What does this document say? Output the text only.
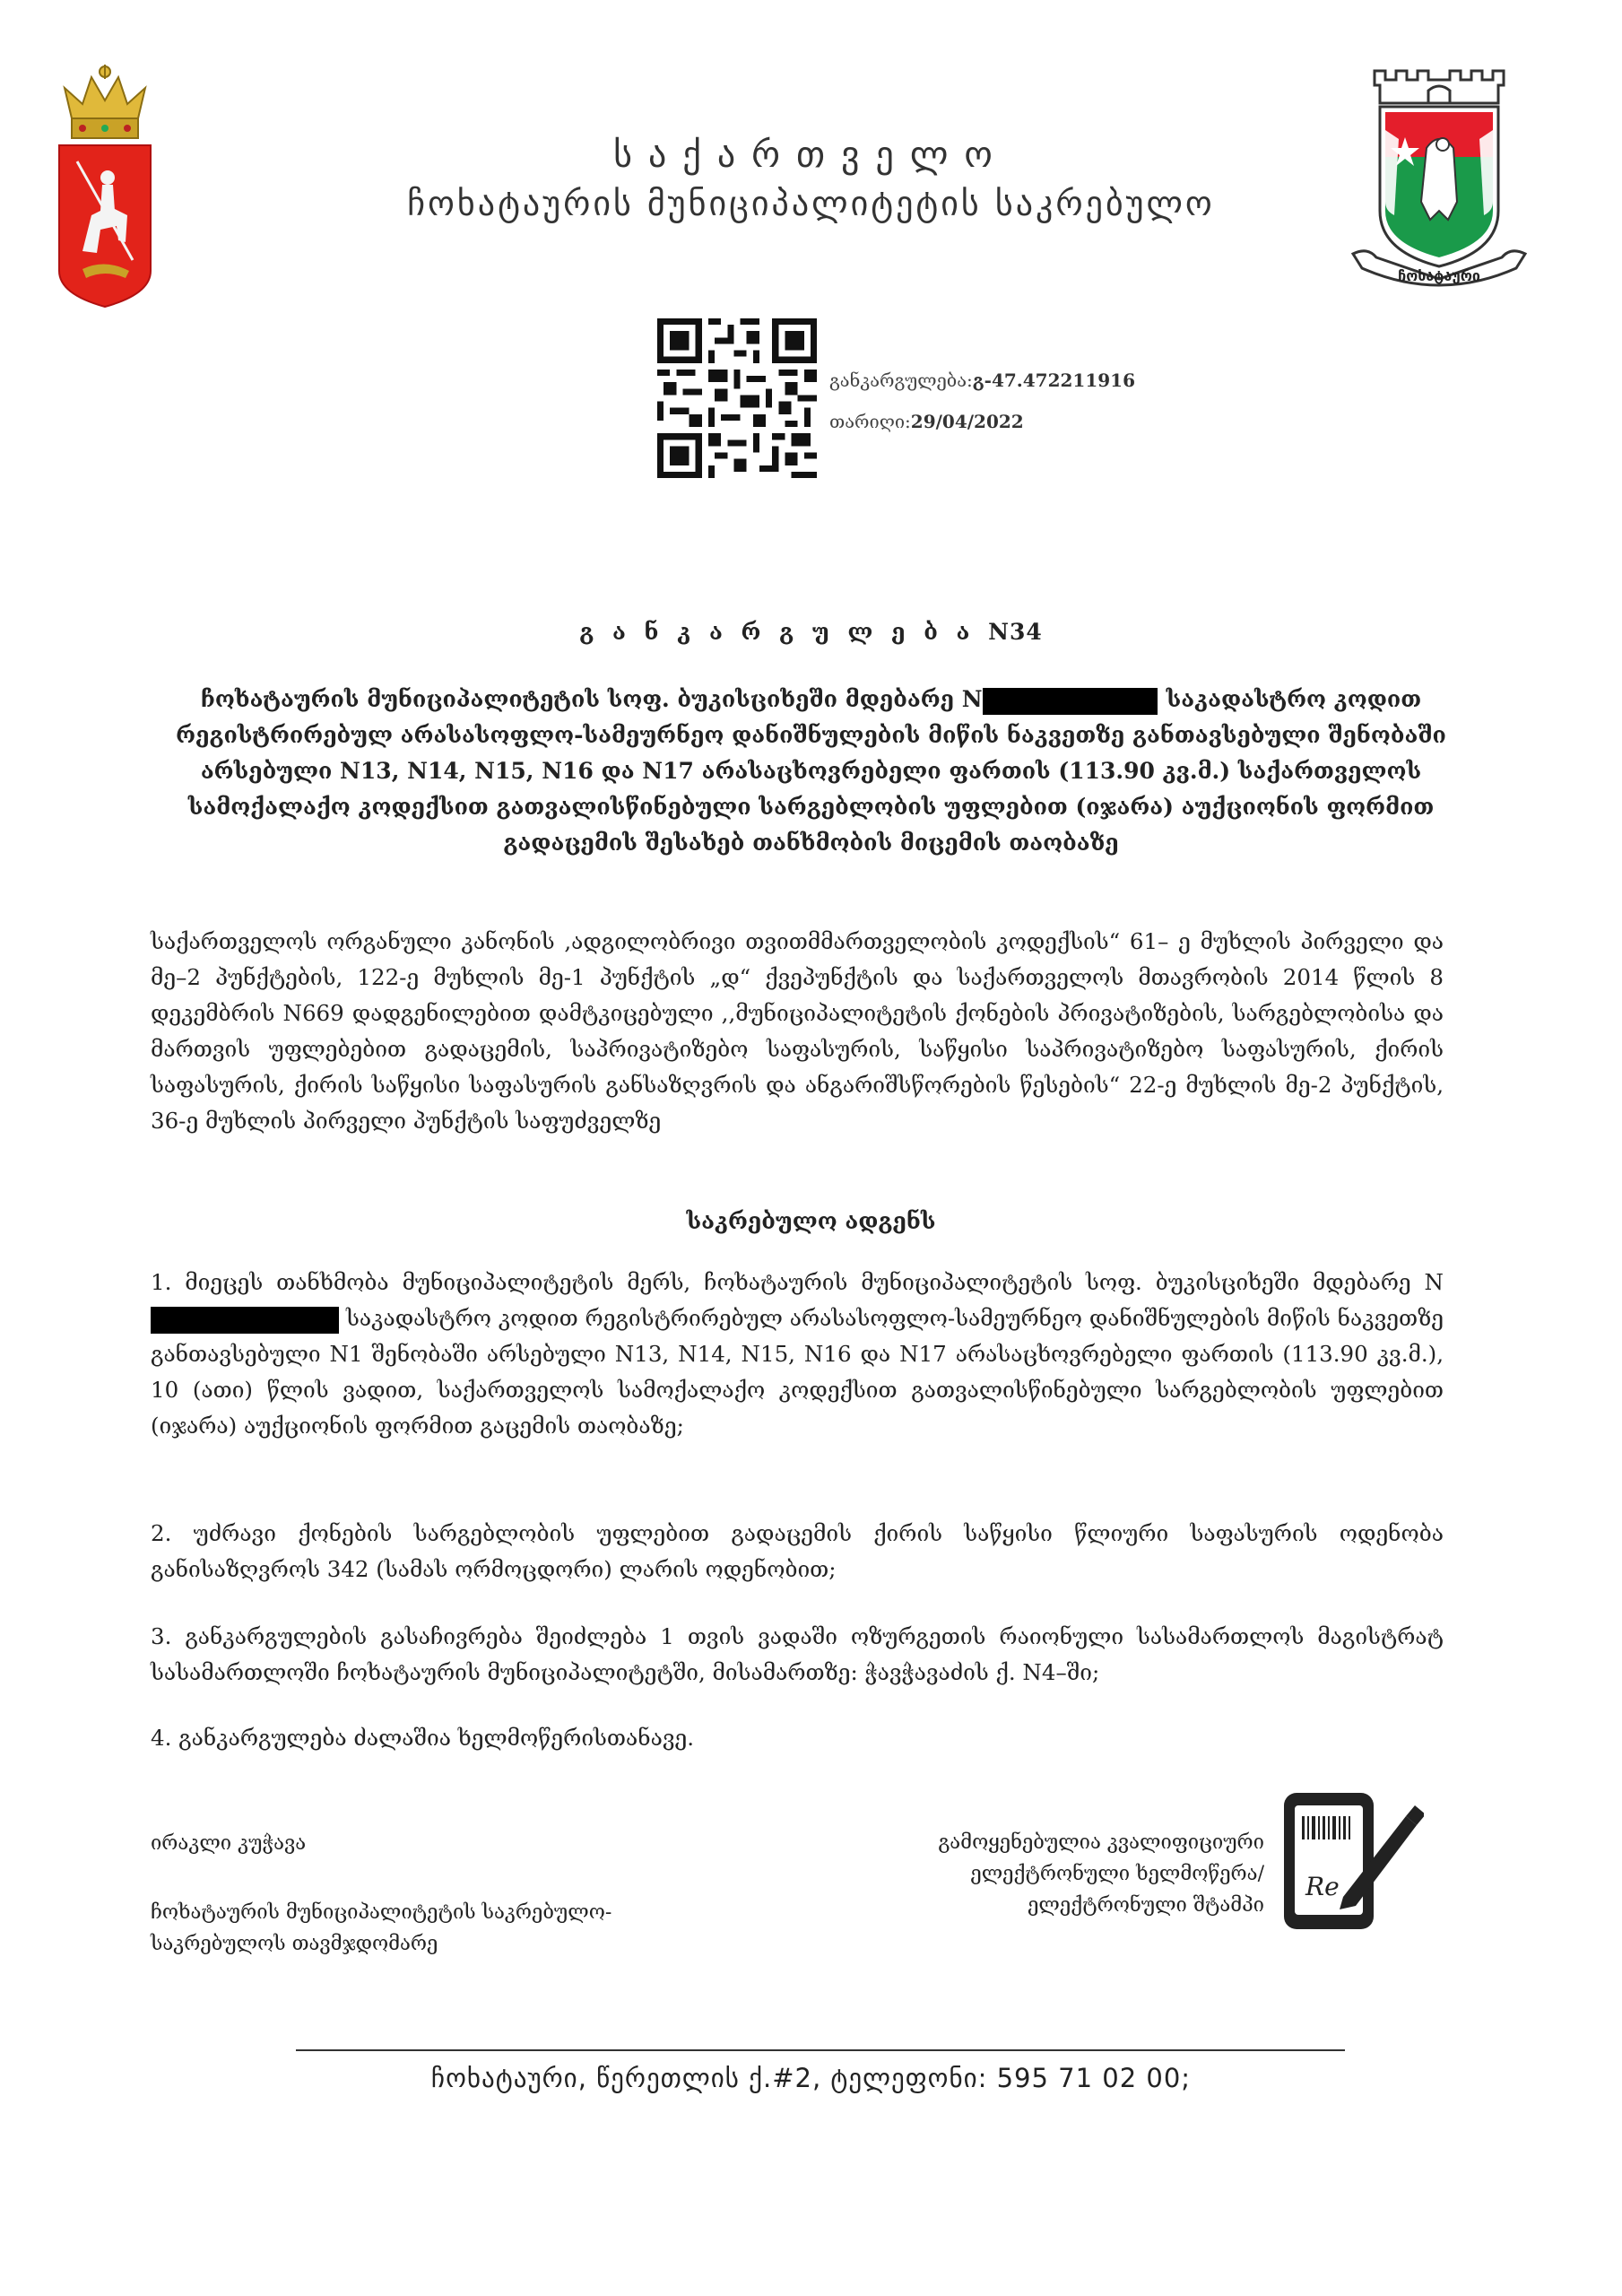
ჩოხატაური
საქართველო
ჩოხატაურის მუნიციპალიტეტის საკრებულო
განკარგულება:გ-47.472211916
თარიღი:29/04/2022
გ ა ნ კ ა რ გ უ ლ ე ბ ა N34
ჩოხატაურის მუნიციპალიტეტის სოფ. ბუკისციხეში მდებარე N	საკადასტრო კოდით რეგისტრირებულ არასასოფლო-სამეურნეო დანიშნულების მიწის ნაკვეთზე განთავსებული შენობაში არსებული N13, N14, N15, N16 და N17 არასაცხოვრებელი ფართის (113.90 კვ.მ.) საქართველოს სამოქალაქო კოდექსით გათვალისწინებული სარგებლობის უფლებით (იჯარა) აუქციონის ფორმით გადაცემის შესახებ თანხმობის მიცემის თაობაზე
საქართველოს ორგანული კანონის ,ადგილობრივი თვითმმართველობის კოდექსის“ 61– ე მუხლის პირველი და მე–2 პუნქტების, 122-ე მუხლის მე-1 პუნქტის „დ“ ქვეპუნქტის და საქართველოს მთავრობის 2014 წლის 8 დეკემბრის N669 დადგენილებით დამტკიცებული ,,მუნიციპალიტეტის ქონების პრივატიზების, სარგებლობისა და მართვის უფლებებით გადაცემის, საპრივატიზებო საფასურის, საწყისი საპრივატიზებო საფასურის, ქირის საფასურის, ქირის საწყისი საფასურის განსაზღვრის და ანგარიშსწორების წესების“ 22-ე მუხლის მე-2 პუნქტის, 36-ე მუხლის პირველი პუნქტის საფუძველზე
საკრებულო ადგენს
1. მიეცეს თანხმობა მუნიციპალიტეტის მერს, ჩოხატაურის მუნიციპალიტეტის სოფ. ბუკისციხეში მდებარე Nსაკადასტრო კოდით რეგისტრირებულ არასასოფლო-სამეურნეო დანიშნულების მიწის ნაკვეთზე განთავსებული N1 შენობაში არსებული N13, N14, N15, N16 და N17 არასაცხოვრებელი ფართის (113.90 კვ.მ.), 10 (ათი) წლის ვადით, საქართველოს სამოქალაქო კოდექსით გათვალისწინებული სარგებლობის უფლებით (იჯარა) აუქციონის ფორმით გაცემის თაობაზე;
2. უძრავი ქონების სარგებლობის უფლებით გადაცემის ქირის საწყისი წლიური საფასურის ოდენობა განისაზღვროს 342 (სამას ორმოცდორი) ლარის ოდენობით;
3. განკარგულების გასაჩივრება შეიძლება 1 თვის ვადაში ოზურგეთის რაიონული სასამართლოს მაგისტრატ სასამართლოში ჩოხატაურის მუნიციპალიტეტში, მისამართზე: ჭავჭავაძის ქ. N4–ში;
4. განკარგულება ძალაშია ხელმოწერისთანავე.
ირაკლი კუჭავა
ჩოხატაურის მუნიციპალიტეტის საკრებულო-
საკრებულოს თავმჯდომარე
გამოყენებულია კვალიფიციური
ელექტრონული ხელმოწერა/
ელექტრონული შტამპი
Re
ჩოხატაური, წერეთლის ქ.#2, ტელეფონი: 595 71 02 00;
